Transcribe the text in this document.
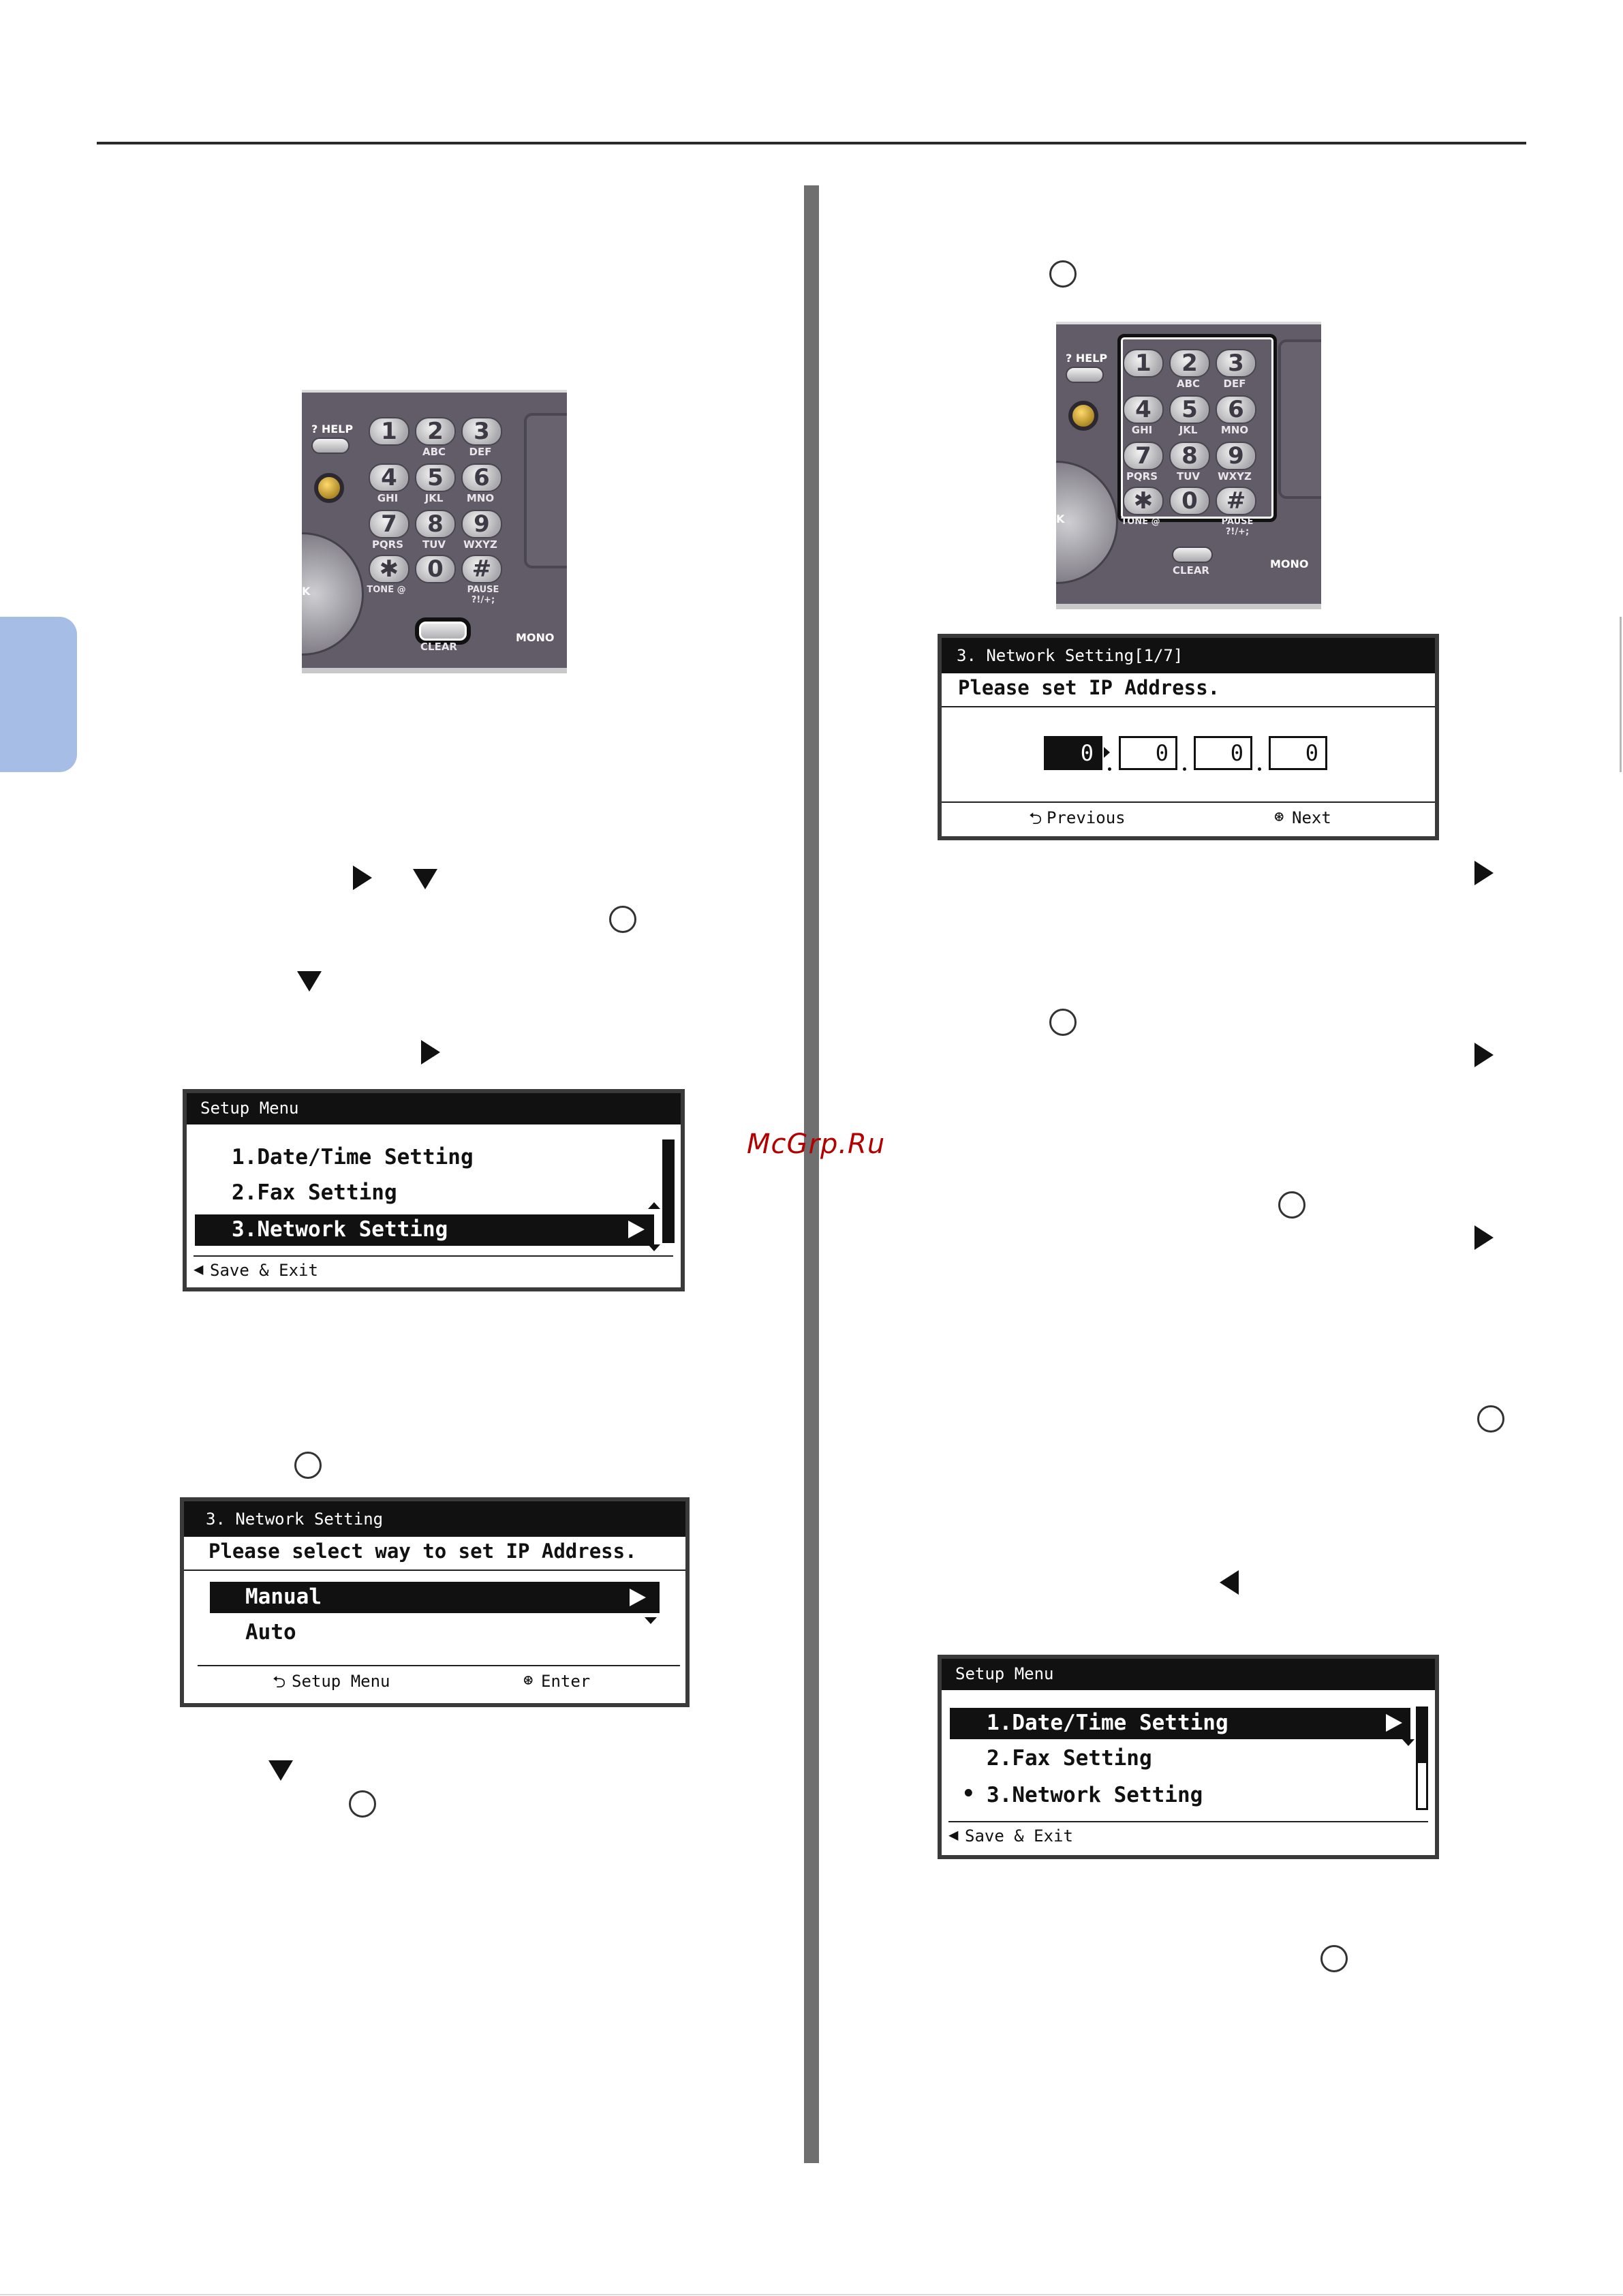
McGrp.Ru
K
? HELP
CLEAR
MONO
1	2
ABC
3
DEF
4
GHI
5
JKL
6
MNO
7
PQRS
8
TUV
9
WXYZ
✱	0	#
TONE @	PAUSE ?!/+;
Setup Menu
1.Date/Time Setting
2.Fax Setting
3.Network Setting
◀ Save & Exit
3. Network Setting
Please select way to set IP Address.
Manual
Auto
⮌ Setup Menu	⊛ Enter
K
? HELP
CLEAR	MONO
1	2
ABC
3
DEF
4
GHI
5
JKL
6
MNO
7
PQRS
8
TUV
9
WXYZ
✱	0	#
TONE @	PAUSE ?!/+;
3. Network Setting[1/7]
Please set IP Address.
0	0	0	0
⮌ Previous	⊛ Next
Setup Menu
1.Date/Time Setting
2.Fax Setting
• 3.Network Setting
◀ Save & Exit
